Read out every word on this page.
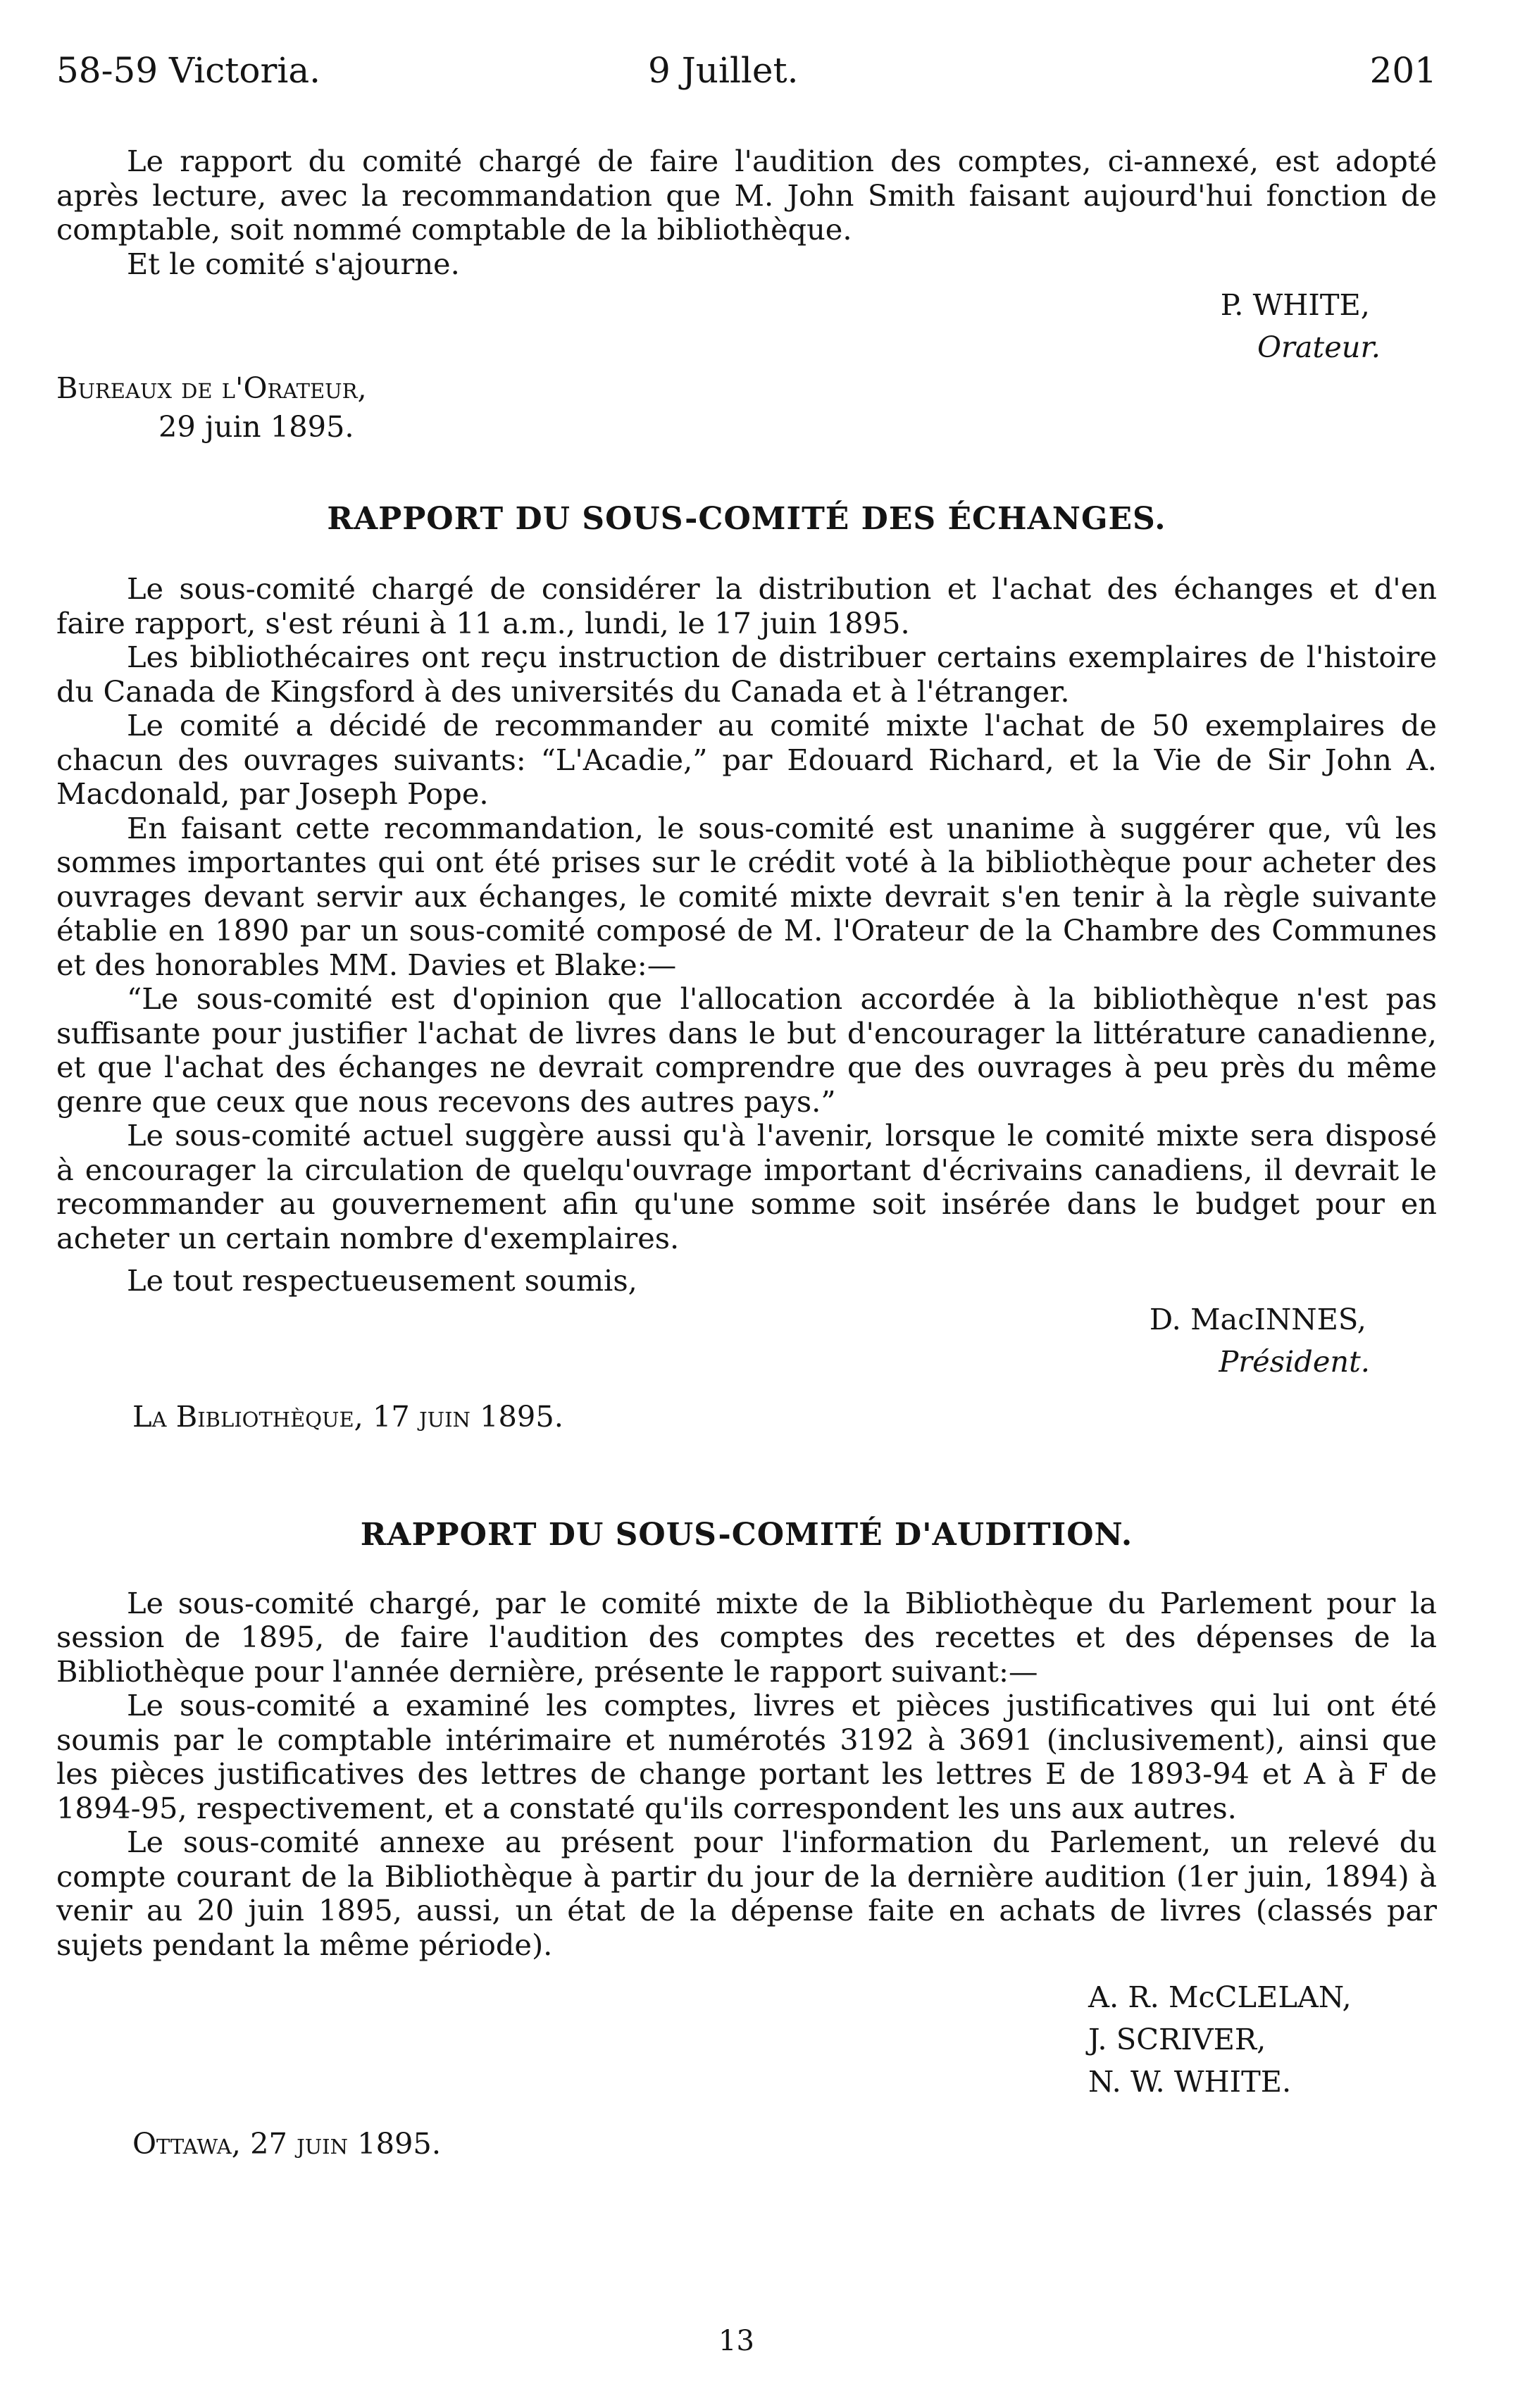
58-59 Victoria.	9 Juillet.	201

Le rapport du comité chargé de faire l'audition des comptes, ci-annexé, est adopté après lecture, avec la recommandation que M. John Smith faisant aujourd'hui fonction de comptable, soit nommé comptable de la bibliothèque.

Et le comité s'ajourne.

P. WHITE,
Orateur.
Bureaux de l'Orateur,
29 juin 1895.
RAPPORT DU SOUS-COMITÉ DES ÉCHANGES.

Le sous-comité chargé de considérer la distribution et l'achat des échanges et d'en faire rapport, s'est réuni à 11 a.m., lundi, le 17 juin 1895.

Les bibliothécaires ont reçu instruction de distribuer certains exemplaires de l'histoire du Canada de Kingsford à des universités du Canada et à l'étranger.

Le comité a décidé de recommander au comité mixte l'achat de 50 exemplaires de chacun des ouvrages suivants: “L'Acadie,” par Edouard Richard, et la Vie de Sir John A. Macdonald, par Joseph Pope.

En faisant cette recommandation, le sous-comité est unanime à suggérer que, vû les sommes importantes qui ont été prises sur le crédit voté à la bibliothèque pour acheter des ouvrages devant servir aux échanges, le comité mixte devrait s'en tenir à la règle suivante établie en 1890 par un sous-comité composé de M. l'Orateur de la Chambre des Communes et des honorables MM. Davies et Blake:—

“Le sous-comité est d'opinion que l'allocation accordée à la bibliothèque n'est pas suffisante pour justifier l'achat de livres dans le but d'encourager la littérature canadienne, et que l'achat des échanges ne devrait comprendre que des ouvrages à peu près du même genre que ceux que nous recevons des autres pays.”

Le sous-comité actuel suggère aussi qu'à l'avenir, lorsque le comité mixte sera disposé à encourager la circulation de quelqu'ouvrage important d'écrivains canadiens, il devrait le recommander au gouvernement afin qu'une somme soit insérée dans le budget pour en acheter un certain nombre d'exemplaires.

Le tout respectueusement soumis,

D. MacINNES,
Président.
La Bibliothèque, 17 juin 1895.
RAPPORT DU SOUS-COMITÉ D'AUDITION.

Le sous-comité chargé, par le comité mixte de la Bibliothèque du Parlement pour la session de 1895, de faire l'audition des comptes des recettes et des dépenses de la Bibliothèque pour l'année dernière, présente le rapport suivant:—

Le sous-comité a examiné les comptes, livres et pièces justificatives qui lui ont été soumis par le comptable intérimaire et numérotés 3192 à 3691 (inclusivement), ainsi que les pièces justificatives des lettres de change portant les lettres E de 1893-94 et A à F de 1894-95, respectivement, et a constaté qu'ils correspondent les uns aux autres.

Le sous-comité annexe au présent pour l'information du Parlement, un relevé du compte courant de la Bibliothèque à partir du jour de la dernière audition (1er juin, 1894) à venir au 20 juin 1895, aussi, un état de la dépense faite en achats de livres (classés par sujets pendant la même période).

A. R. McCLELAN,
J. SCRIVER,
N. W. WHITE.
Ottawa, 27 juin 1895.
13
